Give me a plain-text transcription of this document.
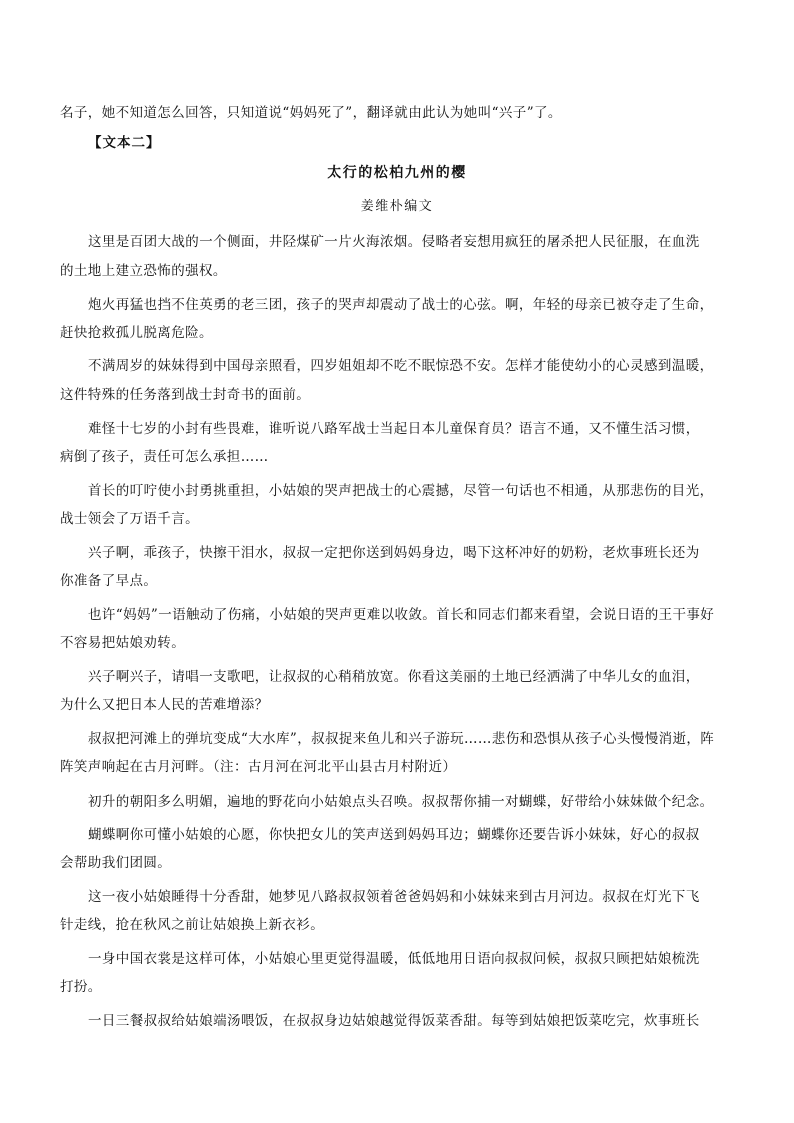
名子，她不知道怎么回答，只知道说“妈妈死了”，翻译就由此认为她叫“兴子”了。
【文本二】
太行的松柏九州的樱
姜维朴编文
这里是百团大战的一个侧面，井陉煤矿一片火海浓烟。侵略者妄想用疯狂的屠杀把人民征服，在血洗
的土地上建立恐怖的强权。
炮火再猛也挡不住英勇的老三团，孩子的哭声却震动了战士的心弦。啊，年轻的母亲已被夺走了生命，
赶快抢救孤儿脱离危险。
不满周岁的妹妹得到中国母亲照看，四岁姐姐却不吃不眠惊恐不安。怎样才能使幼小的心灵感到温暖，
这件特殊的任务落到战士封奇书的面前。
难怪十七岁的小封有些畏难，谁听说八路军战士当起日本儿童保育员？语言不通，又不懂生活习惯，
病倒了孩子，责任可怎么承担……
首长的叮咛使小封勇挑重担，小姑娘的哭声把战士的心震撼，尽管一句话也不相通，从那悲伤的目光，
战士领会了万语千言。
兴子啊，乖孩子，快擦干泪水，叔叔一定把你送到妈妈身边，喝下这杯冲好的奶粉，老炊事班长还为
你准备了早点。
也许“妈妈”一语触动了伤痛，小姑娘的哭声更难以收敛。首长和同志们都来看望，会说日语的王干事好
不容易把姑娘劝转。
兴子啊兴子，请唱一支歌吧，让叔叔的心稍稍放宽。你看这美丽的土地已经洒满了中华儿女的血泪，
为什么又把日本人民的苦难增添？
叔叔把河滩上的弹坑变成“大水库”，叔叔捉来鱼儿和兴子游玩……悲伤和恐惧从孩子心头慢慢消逝，阵
阵笑声响起在古月河畔。（注：古月河在河北平山县古月村附近）
初升的朝阳多么明媚，遍地的野花向小姑娘点头召唤。叔叔帮你捕一对蝴蝶，好带给小妹妹做个纪念。
蝴蝶啊你可懂小姑娘的心愿，你快把女儿的笑声送到妈妈耳边；蝴蝶你还要告诉小妹妹，好心的叔叔
会帮助我们团圆。
这一夜小姑娘睡得十分香甜，她梦见八路叔叔领着爸爸妈妈和小妹妹来到古月河边。叔叔在灯光下飞
针走线，抢在秋风之前让姑娘换上新衣衫。
一身中国衣裳是这样可体，小姑娘心里更觉得温暖，低低地用日语向叔叔问候，叔叔只顾把姑娘梳洗
打扮。
一日三餐叔叔给姑娘端汤喂饭，在叔叔身边姑娘越觉得饭菜香甜。每等到姑娘把饭菜吃完，炊事班长
